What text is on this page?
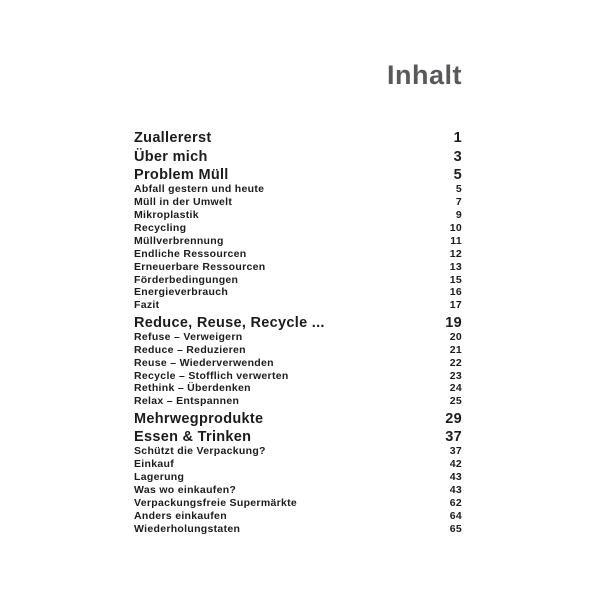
Inhalt
Zuallererst	1
Über mich	3
Problem Müll	5
Abfall gestern und heute	5
Müll in der Umwelt	7
Mikroplastik	9
Recycling	10
Müllverbrennung	11
Endliche Ressourcen	12
Erneuerbare Ressourcen	13
Förderbedingungen	15
Energieverbrauch	16
Fazit	17
Reduce, Reuse, Recycle ...	19
Refuse – Verweigern	20
Reduce – Reduzieren	21
Reuse – Wiederverwenden	22
Recycle – Stofflich verwerten	23
Rethink – Überdenken	24
Relax – Entspannen	25
Mehrwegprodukte	29
Essen & Trinken	37
Schützt die Verpackung?	37
Einkauf	42
Lagerung	43
Was wo einkaufen?	43
Verpackungsfreie Supermärkte	62
Anders einkaufen	64
Wiederholungstaten	65
